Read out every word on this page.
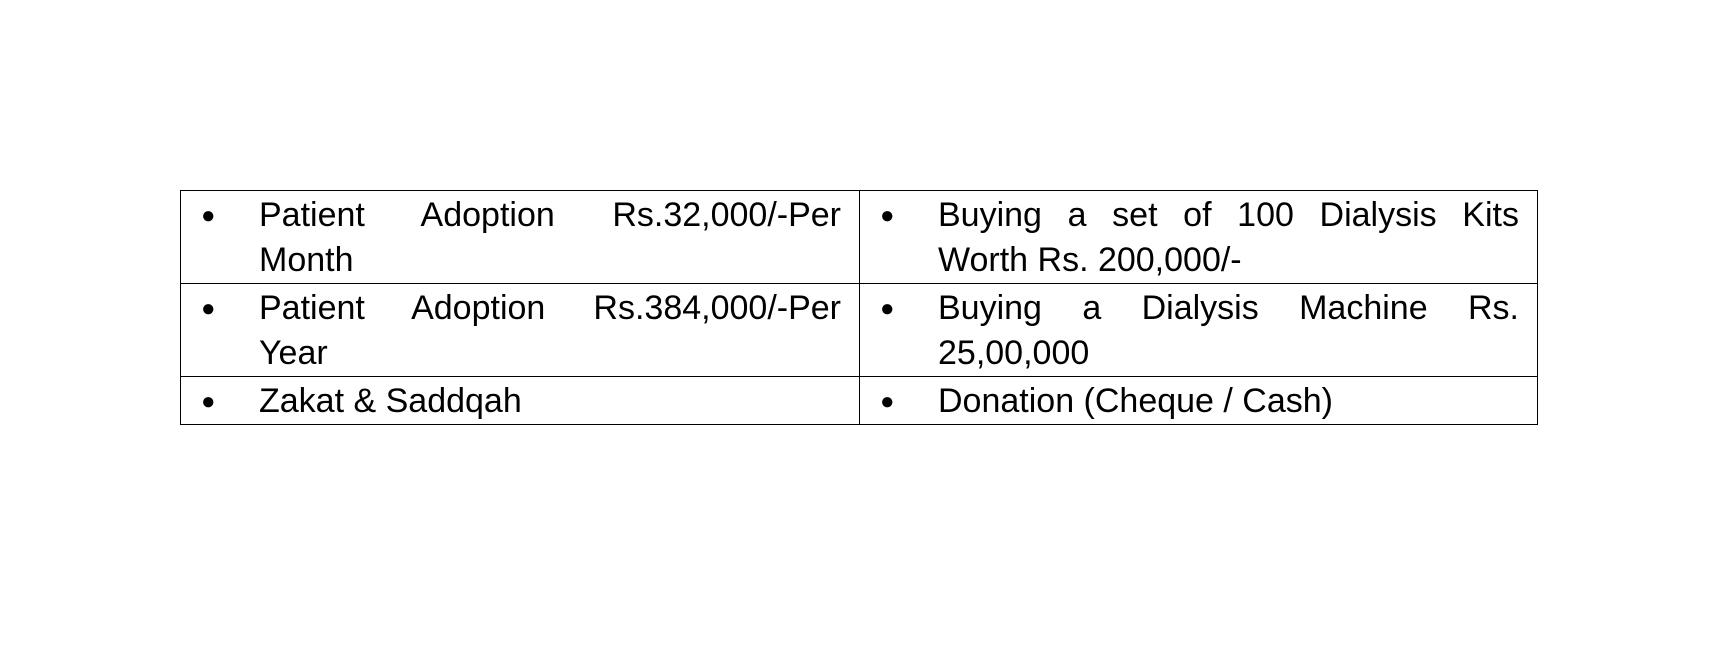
● Patient Adoption Rs.32,000/-Per Month	● Buying a set of 100 Dialysis Kits Worth Rs. 200,000/-

● Patient Adoption Rs.384,000/-Per Year	● Buying a Dialysis Machine Rs. 25,00,000

● Zakat & Saddqah	● Donation (Cheque / Cash)
